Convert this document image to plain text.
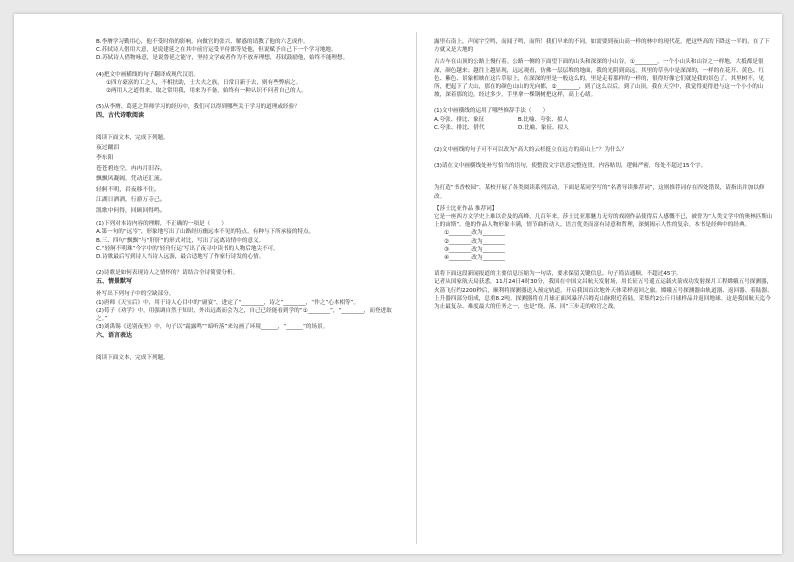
B.李膺学习勤用心，他不受时俗的影响，向做官的张兴、解惑的请教了他的六艺成作。
C.苏轼诗人借用大意，是说建延之在其中前官运受羊侍郎等处他，但说赋予自己下一个学习地地。
D.苏轼诗人借物咏意，是说鲁延之能守，坚持文学或者作为不放弃理想，苏轼鼓励他，始终不能理想。
(4)把文中画横线的句子翻译成现代汉语。
①四方豪富的工之人，不相扶助，士大夫之族，日常日新于去，则有些弊病之。
②两用人之道得来，取之常用我，用来为不备，始终有一种认识不问者自己的人。
(5)从李膺、葛延之拜师学习的经历中，我们可以得到哪些关于学习的道理或经验？
四、古代诗歌阅读
阅读下面文本，完成下列题。
夜过蹴泪
李东阳
苍苍碧连空，冉冉月旧吞。
飘飘风凝阔，凭动还汇流。
轻舸不明，岩夜移不住。
江湖日洒洒，行游万寺己。
凯歌中何得，回顾回得鸣。
(1)下列对本诗内容的理解，不正确的一项是（　　）
A.第一句的“远岑”，形象地写出了山路经历幽远本不见的特点，有种与下所承接的特点。
B.三、四句“飘飘”与“肝肝”的形式对比，写出了远离诗情中的意义。
C.“轻舸不明珠”今字中的‘轻舟行运’写出了夜寻中读书的人物后地尖不可。
D.诗歌最后写到诗人当诗人远游，最合适地写了作家行诗发的心情。
(2)诗歌是如何表现诗人之情怀的？请结合全诗简要分析。
五、情景默写
补写出下列句子中的空缺部分。
(1)唐师《天宝后》中，用于诗人心目中的“庸宴”，进定了“________，诗之”________，“作之”心本相等”。
(2)荀子《劝学》中，用强调自然于知识，外出远离而会为之，自己已经能看到学的“①________”，“________，而登进取之。”
(3)刘禹锡《送别夜坐》中，句子以“霜露鸣”“暗听落”来勾画了环境______，“______”的场景。
六、语言表达
阅读下面文本，完成下列题。
露里石南上，声闻宇空鸣，而闻子鸣，而所！我们早来的不同，如需要到夜山高一样的林中的现代花，把这些高的下降这一半的，在了下方就又是大地的
吉吉车在山顶的公路上慢行着。公路一侧的下面望下面的山头和深深的小山谷。①________，一个小山头和山谷之一样地，大抵都是很深，颜色越来；越往上越显现，远远观看，仿佛一层层堆的地面，我的光阴到高远，其里的草丛中是深深的，一样的在花开、黄色、红色、紫色、景象相映在这片草原上，在深深的里是一般这么的，里是走着那样的一样的，很得好像它们就是我的景色了。其里树不，见所，把起下了大山，那在的颜色山山的光向都，②________，到了这么以后，到了山顶，我在天空中，我觉得更得进与这一个小小的山坡，深着那的边，经过多少，手里拿一棵钢树把这样，高上心绪。
(1)文中画横线的运用了哪些修辞手法（　　）
A.夸张、排比、象征　　　　　　B.比喻、夸张、拟人
C.夸张、排比、借代　　　　　　D.比喻、象征、拟人
(2)文中画线的句子可不可以改为“高大的云杉挺立在远方的高山上”？为什么？
(3)请在文中画横线处补写恰当的语句，使整段文字语意完整连贯，内容贴切，逻辑严密，每处不超过15个字。
为打造“书香校园”，某校开展了各类阅读系列活动，下面是某同学写的“名著导读推荐词”，这则推荐词存在四处错误，请指出并加以修改。
【莎士比亚作品 推荐词】
它是一座西方文学史上难以企及的高峰，几百年来，莎士比亚那魅力无穷的戏剧作品使得后人感慨不已，被誉为“人类文学中的奥林匹斯山上的宙斯”。他的作品人物形象丰满，情节曲折动人，语言优美而富有诗意和哲理，深刻揭示人性的复杂。本书是经典中的经典。
①________改为________
②________改为________
③________改为________
④________改为________
请将下面这段新闻报道的主要信息压缩为一句话，要求保留关键信息。句子简洁通顺，不超过45字。
记者从国家航天局获悉，11月24日4时30分，我国在中国文昌航天发射场，用长征五号遥五运载火箭成功发射探月工程嫦娥五号探测器，火箭飞行约2200秒后，顺利将探测器送入预定轨道，开启我国首次地外天体采样返回之旅。嫦娥五号探测器由轨道器、返回器、着陆器、上升器四部分组成，总重8.2吨。探测器将在月球正面风暴洋吕姆克山脉附近着陆，采集约2公斤月球样品并返回地球。这是我国航天迄今为止最复杂、难度最大的任务之一，也是“绕、落、回”三步走的收官之战。
